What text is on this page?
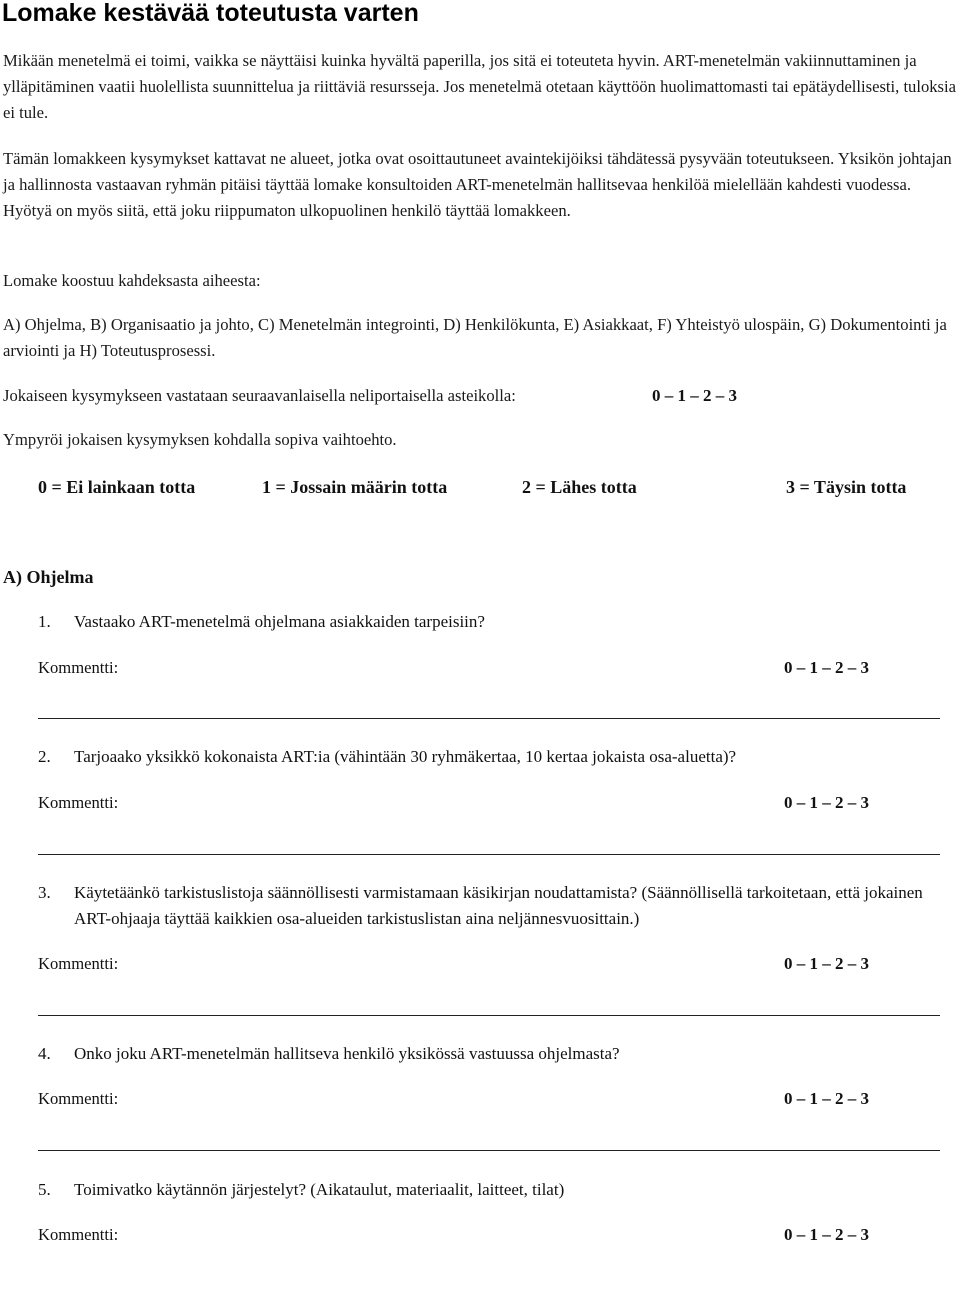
Lomake kestävää toteutusta varten

Mikään menetelmä ei toimi, vaikka se näyttäisi kuinka hyvältä paperilla, jos sitä ei toteuteta hyvin. ART-menetelmän vakiinnuttaminen ja ylläpitäminen vaatii huolellista suunnittelua ja riittäviä resursseja. Jos menetelmä otetaan käyttöön huolimattomasti tai epätäydellisesti, tuloksia ei tule.

Tämän lomakkeen kysymykset kattavat ne alueet, jotka ovat osoittautuneet avaintekijöiksi tähdätessä pysyvään toteutukseen. Yksikön johtajan ja hallinnosta vastaavan ryhmän pitäisi täyttää lomake konsultoiden ART-menetelmän hallitsevaa henkilöä mielellään kahdesti vuodessa. Hyötyä on myös siitä, että joku riippumaton ulkopuolinen henkilö täyttää lomakkeen.

Lomake koostuu kahdeksasta aiheesta:

A) Ohjelma, B) Organisaatio ja johto, C) Menetelmän integrointi, D) Henkilökunta, E) Asiakkaat, F) Yhteistyö ulospäin, G) Dokumentointi ja arviointi ja H) Toteutusprosessi.

Jokaiseen kysymykseen vastataan seuraavanlaisella neliportaisella asteikolla:	0 – 1 – 2 – 3

Ympyröi jokaisen kysymyksen kohdalla sopiva vaihtoehto.

0 = Ei lainkaan totta	1 = Jossain määrin totta	2 = Lähes totta	3 = Täysin totta
A) Ohjelma
1. Vastaako ART-menetelmä ohjelmana asiakkaiden tarpeisiin?
Kommentti:	0 – 1 – 2 – 3
2. Tarjoaako yksikkö kokonaista ART:ia (vähintään 30 ryhmäkertaa, 10 kertaa jokaista osa-aluetta)?
Kommentti:	0 – 1 – 2 – 3
3. Käytetäänkö tarkistuslistoja säännöllisesti varmistamaan käsikirjan noudattamista? (Säännöllisellä tarkoitetaan, että jokainen ART-ohjaaja täyttää kaikkien osa-alueiden tarkistuslistan aina neljännesvuosittain.)
Kommentti:	0 – 1 – 2 – 3
4. Onko joku ART-menetelmän hallitseva henkilö yksikössä vastuussa ohjelmasta?
Kommentti:	0 – 1 – 2 – 3
5. Toimivatko käytännön järjestelyt? (Aikataulut, materiaalit, laitteet, tilat)
Kommentti:	0 – 1 – 2 – 3
